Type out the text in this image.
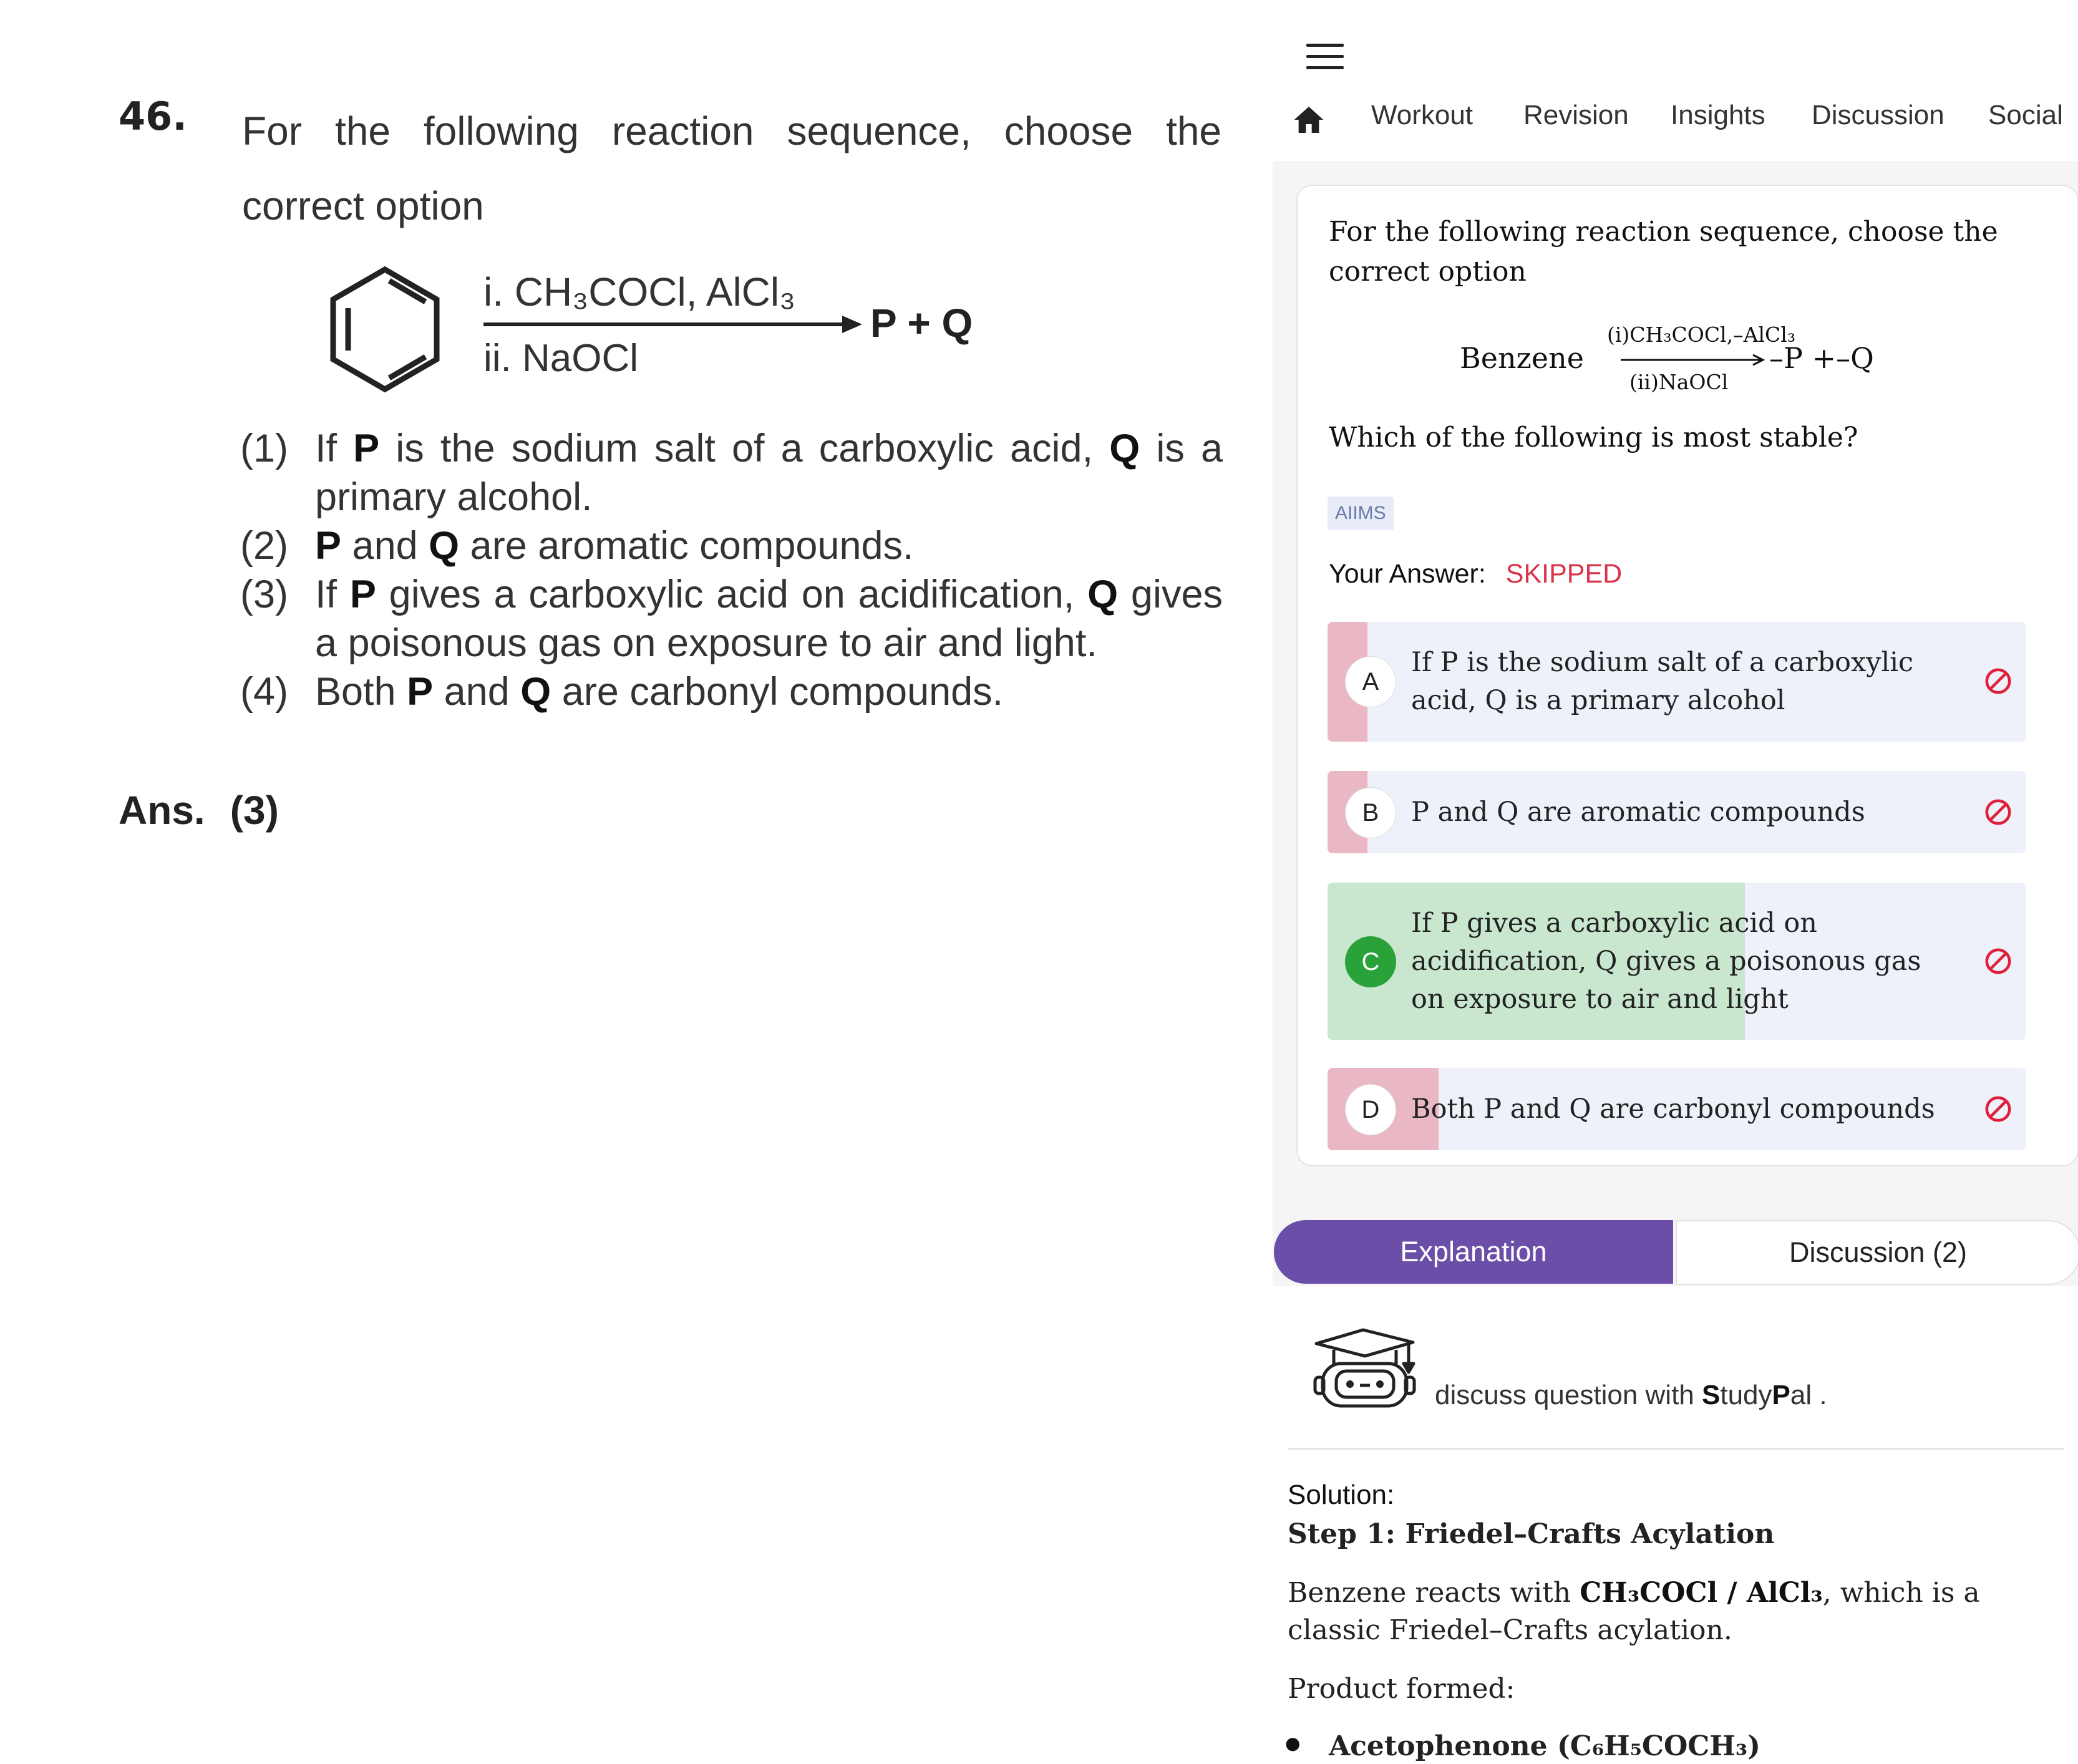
46. For the following reaction sequence, choose the correct option
i. CH₃COCl, AlCl₃
ii. NaOCl
P + Q
(1) If P is the sodium salt of a carboxylic acid, Q is a primary alcohol.
(2) P and Q are aromatic compounds.
(3) If P gives a carboxylic acid on acidification, Q gives a poisonous gas on exposure to air and light.
(4) Both P and Q are carbonyl compounds.
Ans. (3)
Workout Revision Insights Discussion Social
For the following reaction sequence, choose the correct option
Benzene
(i)CH₃COCl,–AlCl₃
(ii)NaOCl
–P +–Q
Which of the following is most stable?
AIIMS
Your Answer: SKIPPED
A
If P is the sodium salt of a carboxylic acid, Q is a primary alcohol
B	P and Q are aromatic compounds
C
If P gives a carboxylic acid on acidification, Q gives a poisonous gas on exposure to air and light
D	Both P and Q are carbonyl compounds
Explanation	Discussion (2)
discuss question with StudyPal .
Solution:
Step 1: Friedel–Crafts Acylation
Benzene reacts with CH₃COCl / AlCl₃, which is a classic Friedel–Crafts acylation.
Product formed:
● Acetophenone (C₆H₅COCH₃)
